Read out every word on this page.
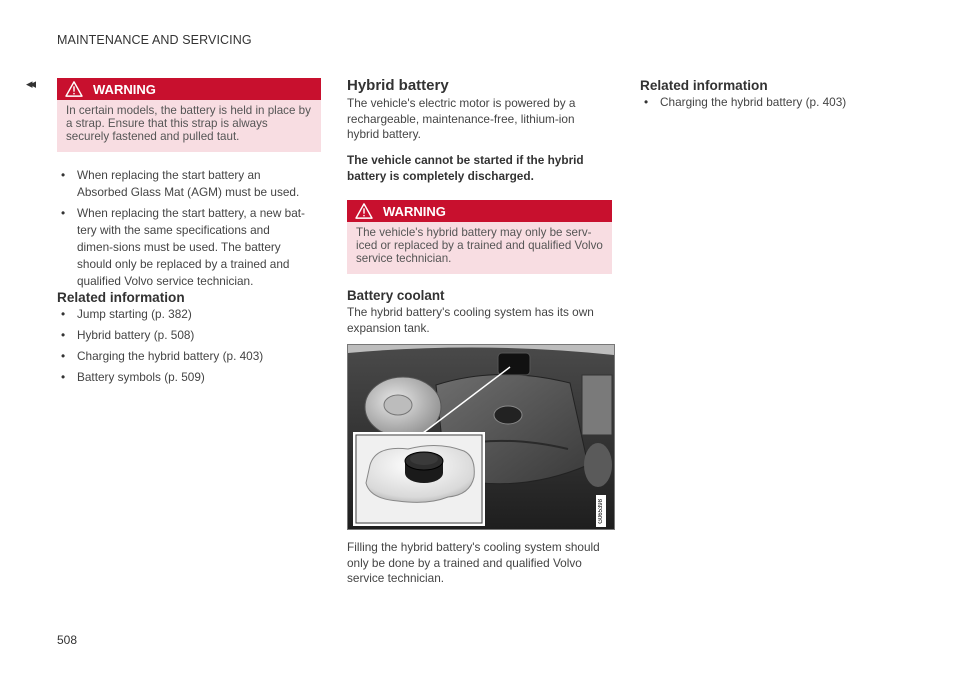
MAINTENANCE AND SERVICING
◂◂
508
WARNING
In certain models, the battery is held in place by a strap. Ensure that this strap is always securely fastened and pulled taut.
• When replacing the start battery an Absorbed Glass Mat (AGM) must be used.
• When replacing the start battery, a new bat-tery with the same specifications and dimen-sions must be used. The battery should only be replaced by a trained and qualified Volvo service technician.
Related information
• Jump starting (p. 382)
• Hybrid battery (p. 508)
• Charging the hybrid battery (p. 403)
• Battery symbols (p. 509)
Hybrid battery
The vehicle's electric motor is powered by a rechargeable, maintenance-free, lithium-ion hybrid battery.
The vehicle cannot be started if the hybrid battery is completely discharged.
WARNING
The vehicle's hybrid battery may only be serv-iced or replaced by a trained and qualified Volvo service technician.
Battery coolant
The hybrid battery's cooling system has its own expansion tank.
G065398
Filling the hybrid battery's cooling system should only be done by a trained and qualified Volvo service technician.
Related information
• Charging the hybrid battery (p. 403)
